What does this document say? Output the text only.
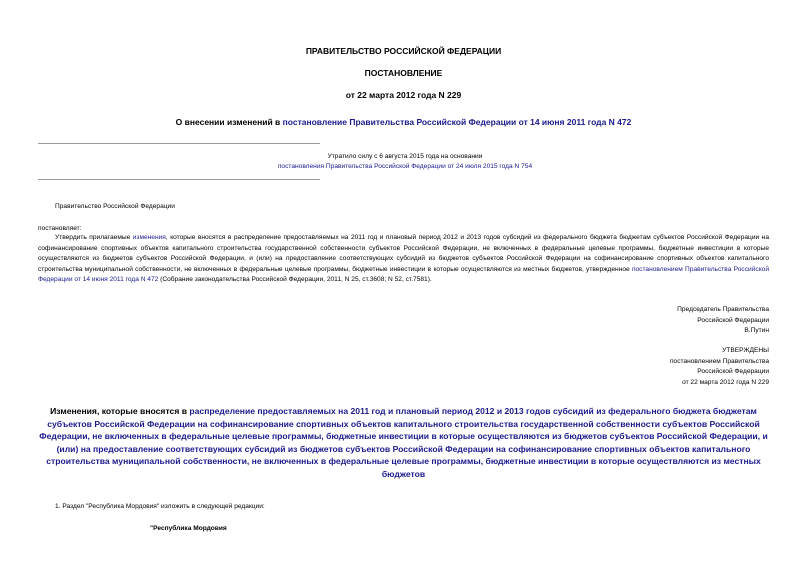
ПРАВИТЕЛЬСТВО РОССИЙСКОЙ ФЕДЕРАЦИИ
ПОСТАНОВЛЕНИЕ
от 22 марта 2012 года N 229
О внесении изменений в постановление Правительства Российской Федерации от 14 июня 2011 года N 472
Утратило силу с 6 августа 2015 года на основании
постановления Правительства Российской Федерации от 24 июля 2015 года N 754
Правительство Российской Федерации
постановляет:
Утвердить прилагаемые изменения, которые вносятся в распределение предоставляемых на 2011 год и плановый период 2012 и 2013 годов субсидий из федерального бюджета бюджетам субъектов Российской Федерации на софинансирование спортивных объектов капитального строительства государственной собственности субъектов Российской Федерации, не включенных в федеральные целевые программы, бюджетные инвестиции в которые осуществляются из бюджетов субъектов Российской Федерации, и (или) на предоставление соответствующих субсидий из бюджетов субъектов Российской Федерации на софинансирование спортивных объектов капитального строительства муниципальной собственности, не включенных в федеральные целевые программы, бюджетные инвестиции в которые осуществляются из местных бюджетов, утвержденное постановлением Правительства Российской Федерации от 14 июня 2011 года N 472 (Собрание законодательства Российской Федерации, 2011, N 25, ст.3608; N 52, ст.7581).
Председатель Правительства
Российской Федерации
В.Путин
УТВЕРЖДЕНЫ
постановлением Правительства
Российской Федерации
от 22 марта 2012 года N 229
Изменения, которые вносятся в распределение предоставляемых на 2011 год и плановый период 2012 и 2013 годов субсидий из федерального бюджета бюджетам субъектов Российской Федерации на софинансирование спортивных объектов капитального строительства государственной собственности субъектов Российской Федерации, не включенных в федеральные целевые программы, бюджетные инвестиции в которые осуществляются из бюджетов субъектов Российской Федерации, и (или) на предоставление соответствующих субсидий из бюджетов субъектов Российской Федерации на софинансирование спортивных объектов капитального строительства муниципальной собственности, не включенных в федеральные целевые программы, бюджетные инвестиции в которые осуществляются из местных бюджетов
1. Раздел "Республика Мордовия" изложить в следующей редакции:
"Республика Мордовия
